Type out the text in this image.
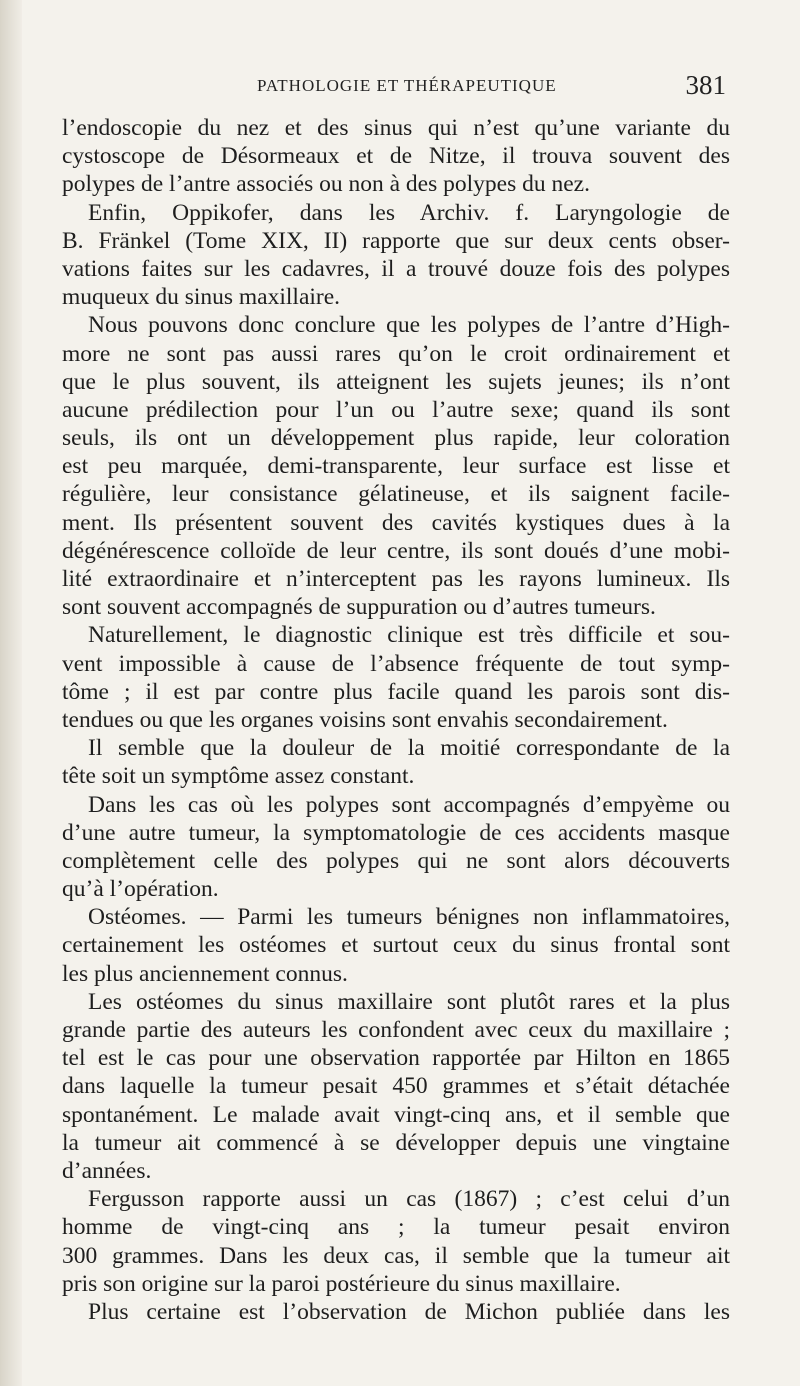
PATHOLOGIE ET THÉRAPEUTIQUE	381
l’endoscopie du nez et des sinus qui n’est qu’une variante du
cystoscope de Désormeaux et de Nitze, il trouva souvent des
polypes de l’antre associés ou non à des polypes du nez.
Enfin, Oppikofer, dans les Archiv. f. Laryngologie de
B. Fränkel (Tome XIX, II) rapporte que sur deux cents obser-
vations faites sur les cadavres, il a trouvé douze fois des polypes
muqueux du sinus maxillaire.
Nous pouvons donc conclure que les polypes de l’antre d’High-
more ne sont pas aussi rares qu’on le croit ordinairement et
que le plus souvent, ils atteignent les sujets jeunes; ils n’ont
aucune prédilection pour l’un ou l’autre sexe; quand ils sont
seuls, ils ont un développement plus rapide, leur coloration
est peu marquée, demi-transparente, leur surface est lisse et
régulière, leur consistance gélatineuse, et ils saignent facile-
ment. Ils présentent souvent des cavités kystiques dues à la
dégénérescence colloïde de leur centre, ils sont doués d’une mobi-
lité extraordinaire et n’interceptent pas les rayons lumineux. Ils
sont souvent accompagnés de suppuration ou d’autres tumeurs.
Naturellement, le diagnostic clinique est très difficile et sou-
vent impossible à cause de l’absence fréquente de tout symp-
tôme ; il est par contre plus facile quand les parois sont dis-
tendues ou que les organes voisins sont envahis secondairement.
Il semble que la douleur de la moitié correspondante de la
tête soit un symptôme assez constant.
Dans les cas où les polypes sont accompagnés d’empyème ou
d’une autre tumeur, la symptomatologie de ces accidents masque
complètement celle des polypes qui ne sont alors découverts
qu’à l’opération.
Ostéomes. — Parmi les tumeurs bénignes non inflammatoires,
certainement les ostéomes et surtout ceux du sinus frontal sont
les plus anciennement connus.
Les ostéomes du sinus maxillaire sont plutôt rares et la plus
grande partie des auteurs les confondent avec ceux du maxillaire ;
tel est le cas pour une observation rapportée par Hilton en 1865
dans laquelle la tumeur pesait 450 grammes et s’était détachée
spontanément. Le malade avait vingt-cinq ans, et il semble que
la tumeur ait commencé à se développer depuis une vingtaine
d’années.
Fergusson rapporte aussi un cas (1867) ; c’est celui d’un
homme de vingt-cinq ans ; la tumeur pesait environ
300 grammes. Dans les deux cas, il semble que la tumeur ait
pris son origine sur la paroi postérieure du sinus maxillaire.
Plus certaine est l’observation de Michon publiée dans les
